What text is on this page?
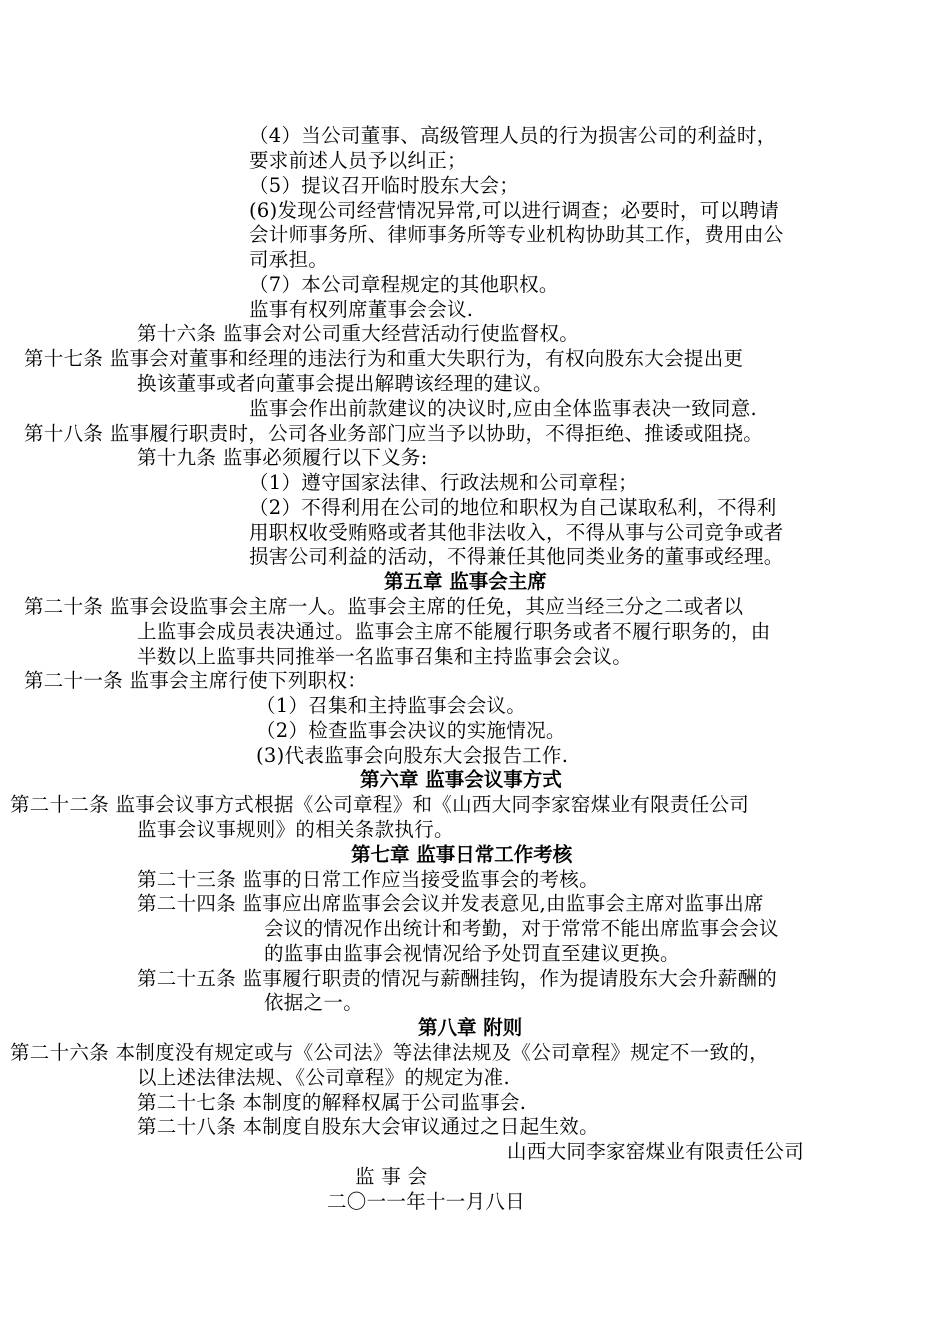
（4）当公司董事、高级管理人员的行为损害公司的利益时，
要求前述人员予以纠正；
（5）提议召开临时股东大会；
(6)发现公司经营情况异常,可以进行调查；必要时，可以聘请
会计师事务所、律师事务所等专业机构协助其工作，费用由公
司承担。
（7）本公司章程规定的其他职权。
监事有权列席董事会会议.
第十六条 监事会对公司重大经营活动行使监督权。
第十七条 监事会对董事和经理的违法行为和重大失职行为，有权向股东大会提出更
换该董事或者向董事会提出解聘该经理的建议。
监事会作出前款建议的决议时,应由全体监事表决一致同意.
第十八条 监事履行职责时，公司各业务部门应当予以协助，不得拒绝、推诿或阻挠。
第十九条 监事必须履行以下义务:
（1）遵守国家法律、行政法规和公司章程；
（2）不得利用在公司的地位和职权为自己谋取私利，不得利
用职权收受贿赂或者其他非法收入，不得从事与公司竞争或者
损害公司利益的活动，不得兼任其他同类业务的董事或经理。
第五章 监事会主席
第二十条 监事会设监事会主席一人。监事会主席的任免，其应当经三分之二或者以
上监事会成员表决通过。监事会主席不能履行职务或者不履行职务的，由
半数以上监事共同推举一名监事召集和主持监事会会议。
第二十一条 监事会主席行使下列职权：
（1）召集和主持监事会会议。
（2）检查监事会决议的实施情况。
(3)代表监事会向股东大会报告工作.
第六章 监事会议事方式
第二十二条 监事会议事方式根据《公司章程》和《山西大同李家窑煤业有限责任公司
监事会议事规则》的相关条款执行。
第七章 监事日常工作考核
第二十三条 监事的日常工作应当接受监事会的考核。
第二十四条 监事应出席监事会会议并发表意见,由监事会主席对监事出席
会议的情况作出统计和考勤，对于常常不能出席监事会会议
的监事由监事会视情况给予处罚直至建议更换。
第二十五条 监事履行职责的情况与薪酬挂钩，作为提请股东大会升薪酬的
依据之一。
第八章 附则
第二十六条 本制度没有规定或与《公司法》等法律法规及《公司章程》规定不一致的，
以上述法律法规、《公司章程》的规定为准.
第二十七条 本制度的解释权属于公司监事会.
第二十八条 本制度自股东大会审议通过之日起生效。
山西大同李家窑煤业有限责任公司
监 事 会
二〇一一年十一月八日
